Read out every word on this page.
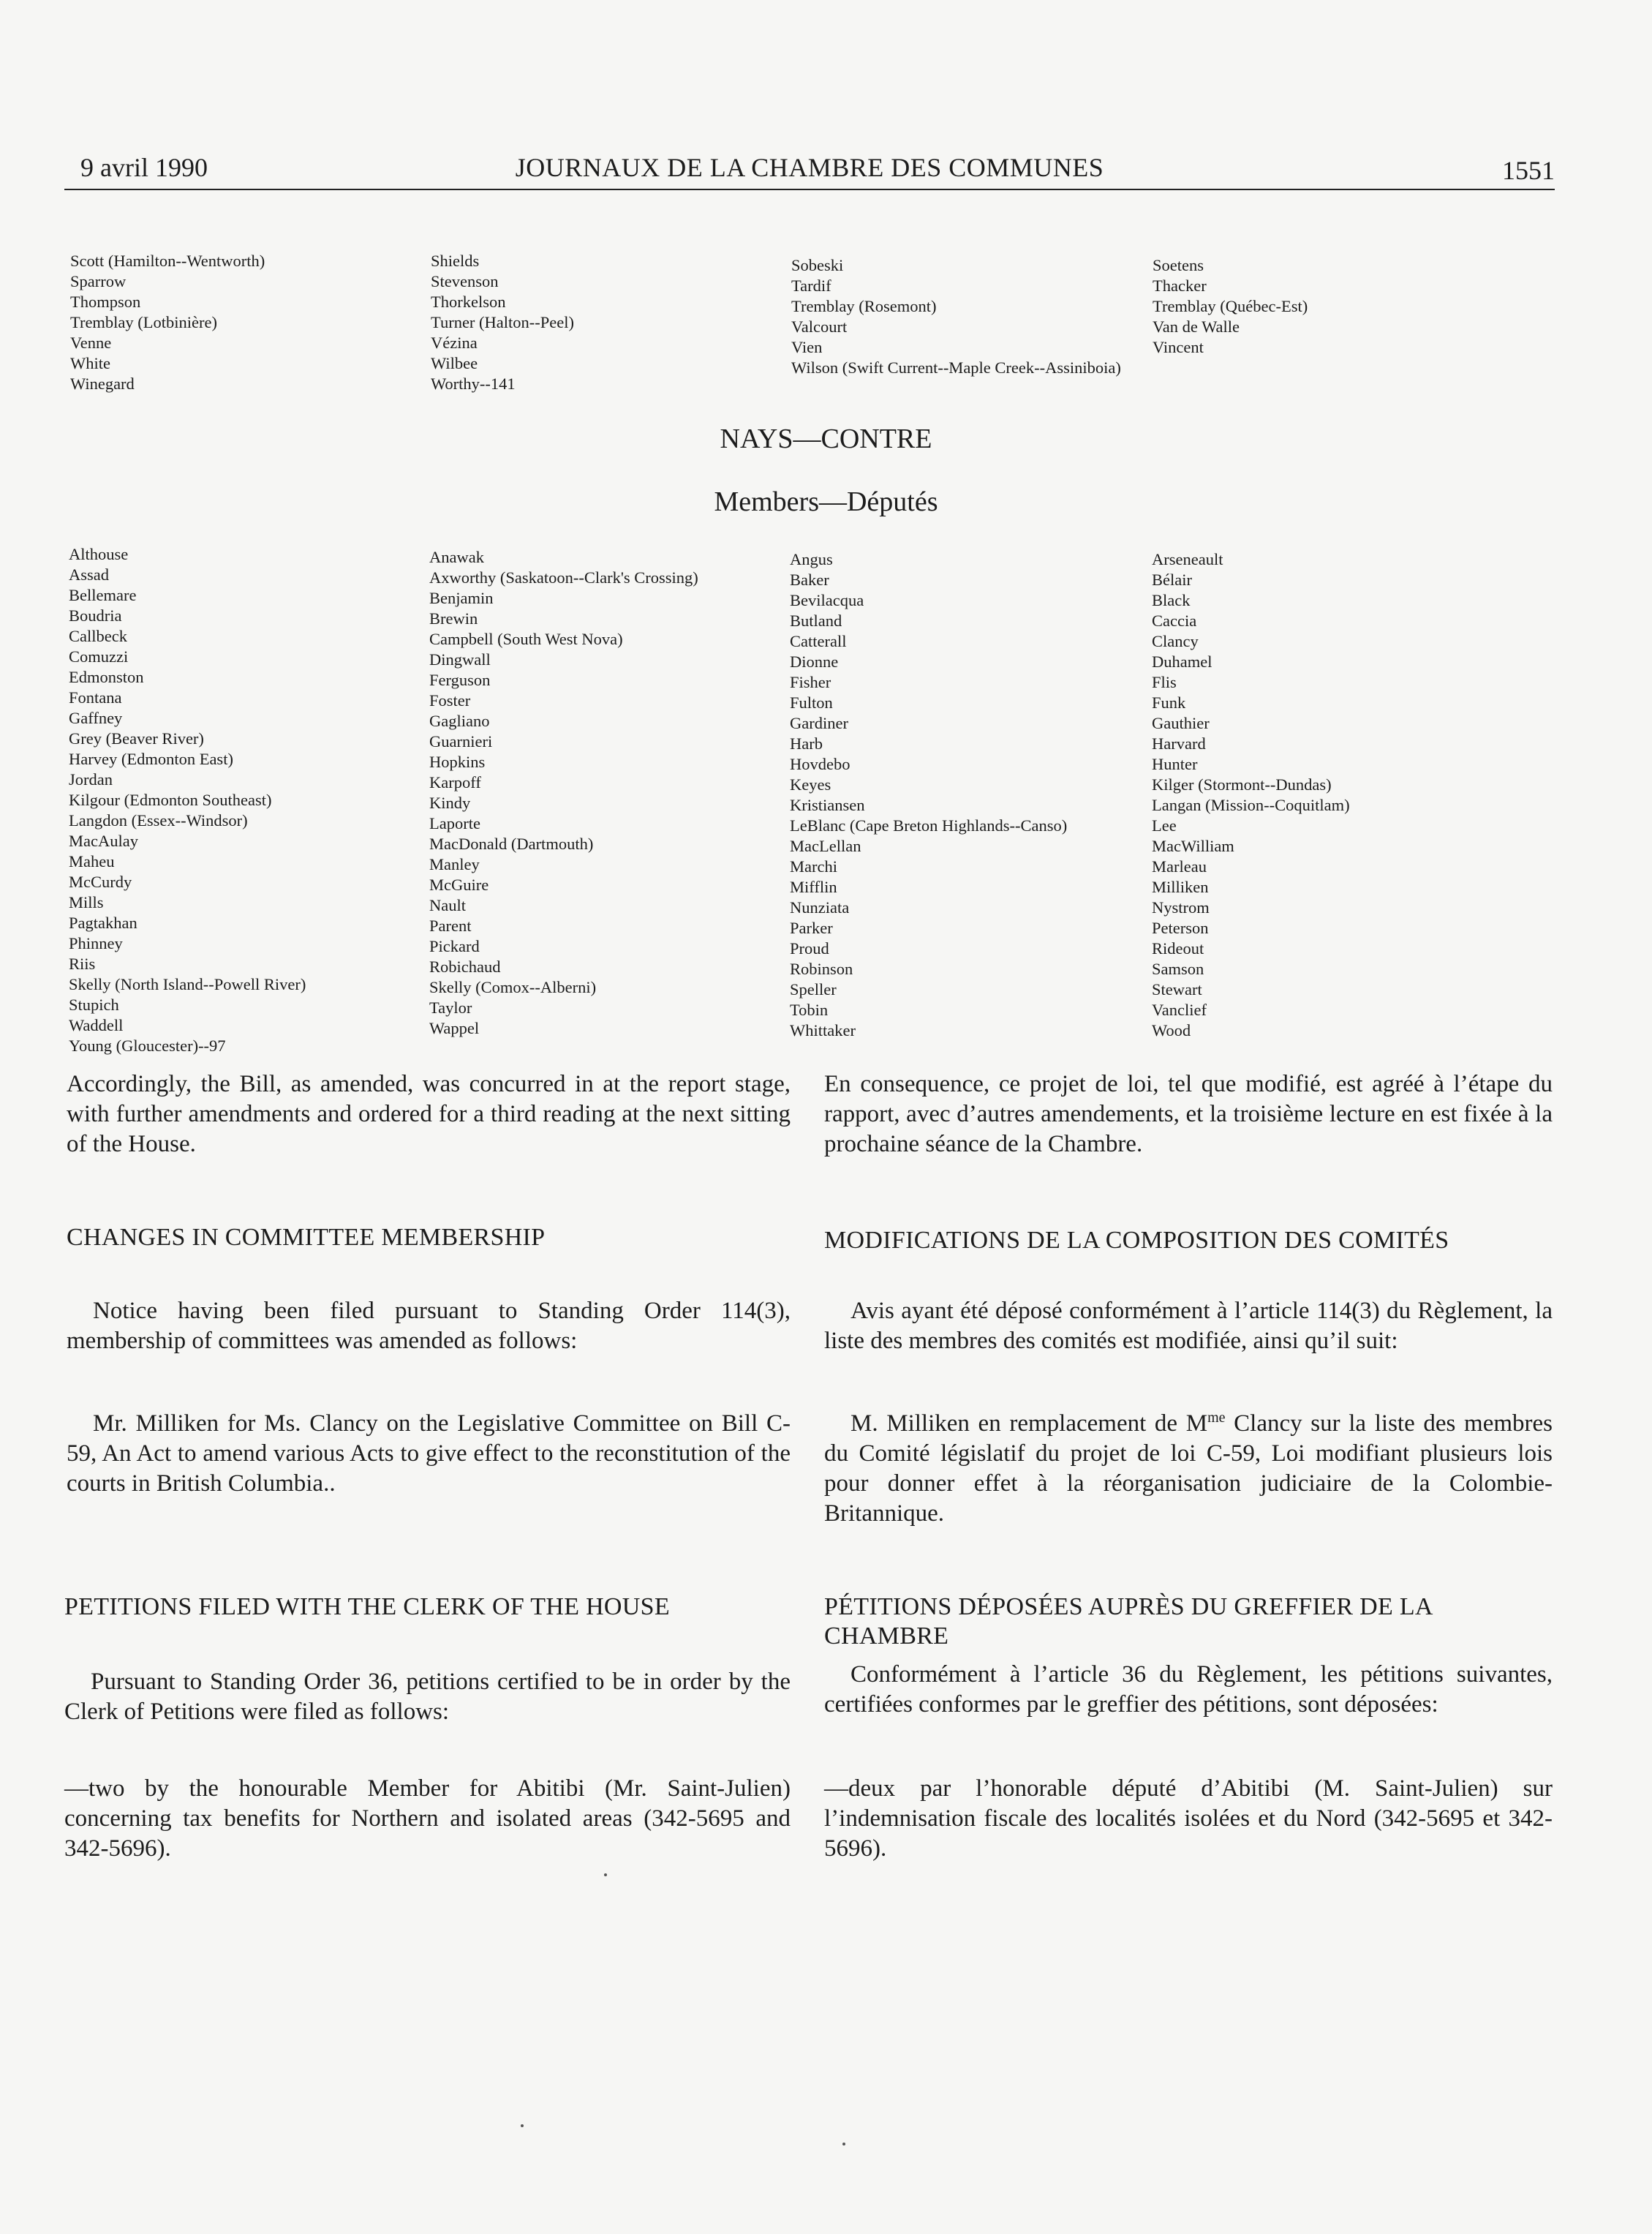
9 avril 1990	JOURNAUX DE LA CHAMBRE DES COMMUNES	1551
Scott (Hamilton--Wentworth)
Sparrow
Thompson
Tremblay (Lotbinière)
Venne
White
Winegard
Shields
Stevenson
Thorkelson
Turner (Halton--Peel)
Vézina
Wilbee
Worthy--141
Sobeski
Tardif
Tremblay (Rosemont)
Valcourt
Vien
Wilson (Swift Current--Maple Creek--Assiniboia)
Soetens
Thacker
Tremblay (Québec-Est)
Van de Walle
Vincent
NAYS—CONTRE
Members—Députés
Althouse
Assad
Bellemare
Boudria
Callbeck
Comuzzi
Edmonston
Fontana
Gaffney
Grey (Beaver River)
Harvey (Edmonton East)
Jordan
Kilgour (Edmonton Southeast)
Langdon (Essex--Windsor)
MacAulay
Maheu
McCurdy
Mills
Pagtakhan
Phinney
Riis
Skelly (North Island--Powell River)
Stupich
Waddell
Young (Gloucester)--97
Anawak
Axworthy (Saskatoon--Clark's Crossing)
Benjamin
Brewin
Campbell (South West Nova)
Dingwall
Ferguson
Foster
Gagliano
Guarnieri
Hopkins
Karpoff
Kindy
Laporte
MacDonald (Dartmouth)
Manley
McGuire
Nault
Parent
Pickard
Robichaud
Skelly (Comox--Alberni)
Taylor
Wappel
Angus
Baker
Bevilacqua
Butland
Catterall
Dionne
Fisher
Fulton
Gardiner
Harb
Hovdebo
Keyes
Kristiansen
LeBlanc (Cape Breton Highlands--Canso)
MacLellan
Marchi
Mifflin
Nunziata
Parker
Proud
Robinson
Speller
Tobin
Whittaker
Arseneault
Bélair
Black
Caccia
Clancy
Duhamel
Flis
Funk
Gauthier
Harvard
Hunter
Kilger (Stormont--Dundas)
Langan (Mission--Coquitlam)
Lee
MacWilliam
Marleau
Milliken
Nystrom
Peterson
Rideout
Samson
Stewart
Vanclief
Wood

Accordingly, the Bill, as amended, was concurred in at the report stage, with further amendments and ordered for a third reading at the next sitting of the House.

CHANGES IN COMMITTEE MEMBERSHIP

Notice having been filed pursuant to Standing Order 114(3), membership of committees was amended as follows:

Mr. Milliken for Ms. Clancy on the Legislative Committee on Bill C-59, An Act to amend various Acts to give effect to the reconstitution of the courts in British Columbia..

PETITIONS FILED WITH THE CLERK OF THE HOUSE

Pursuant to Standing Order 36, petitions certified to be in order by the Clerk of Petitions were filed as follows:

—two by the honourable Member for Abitibi (Mr. Saint-Julien) concerning tax benefits for Northern and isolated areas (342-5695 and 342-5696).

En consequence, ce projet de loi, tel que modifié, est agréé à l’étape du rapport, avec d’autres amendements, et la troisième lecture en est fixée à la prochaine séance de la Chambre.

MODIFICATIONS DE LA COMPOSITION DES COMITÉS

Avis ayant été déposé conformément à l’article 114(3) du Règlement, la liste des membres des comités est modifiée, ainsi qu’il suit:

M. Milliken en remplacement de $M^{me}$ Clancy sur la liste des membres du Comité législatif du projet de loi C-59, Loi modifiant plusieurs lois pour donner effet à la réorganisation judiciaire de la Colombie-Britannique.

PÉTITIONS DÉPOSÉES AUPRÈS DU GREFFIER DE LA CHAMBRE

Conformément à l’article 36 du Règlement, les pétitions suivantes, certifiées conformes par le greffier des pétitions, sont déposées:

—deux par l’honorable député d’Abitibi (M. Saint-Julien) sur l’indemnisation fiscale des localités isolées et du Nord (342-5695 et 342-5696).
